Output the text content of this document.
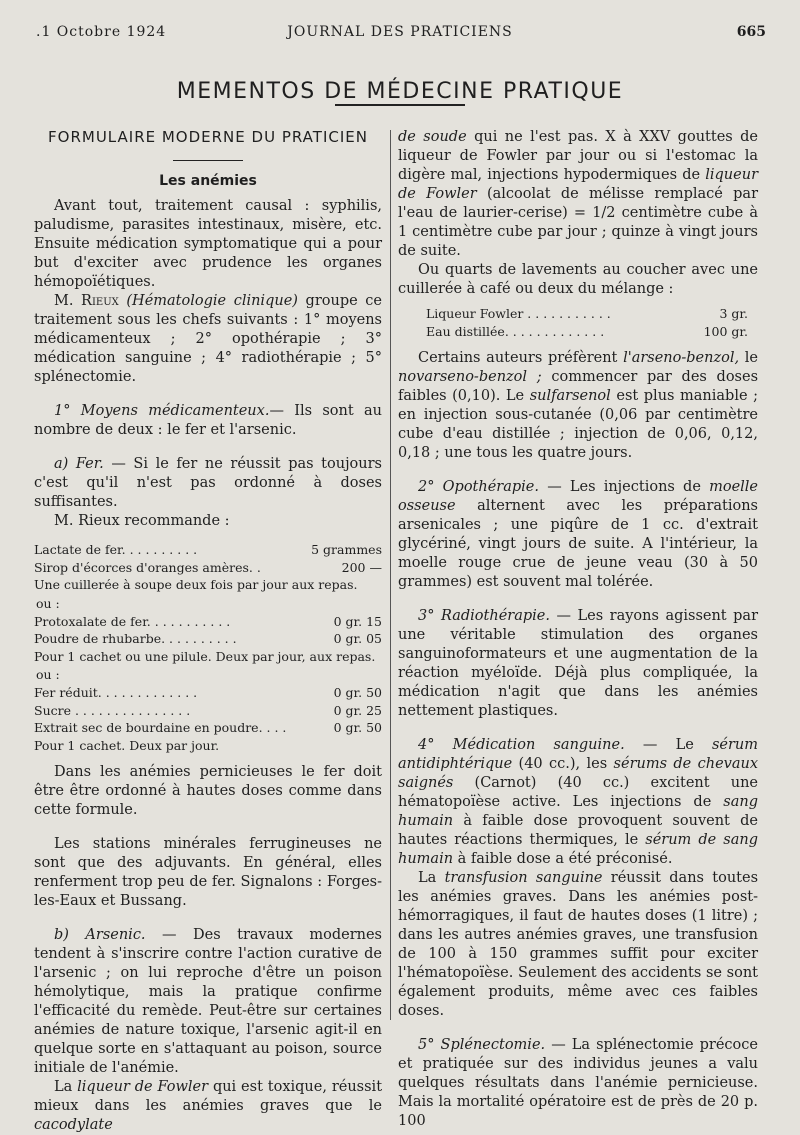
.1 Octobre 1924	JOURNAL DES PRATICIENS	665
MEMENTOS DE MÉDECINE PRATIQUE
FORMULAIRE MODERNE DU PRATICIEN
Les anémies

Avant tout, traitement causal : syphilis, paludisme, parasites intestinaux, misère, etc. Ensuite médication symptomatique qui a pour but d'exciter avec prudence les organes hémopoïétiques.

M. Rieux (Hématologie clinique) groupe ce traitement sous les chefs suivants : 1° moyens médicamenteux ; 2° opothérapie ; 3° médication sanguine ; 4° radiothérapie ; 5° splénectomie.

1° Moyens médicamenteux.— Ils sont au nombre de deux : le fer et l'arsenic.

a) Fer. — Si le fer ne réussit pas toujours c'est qu'il n'est pas ordonné à doses suffisantes.

M. Rieux recommande :

Lactate de fer. . . . . . . . . .	5 grammes
Sirop d'écorces d'oranges amères. .	200 —
Une cuillerée à soupe deux fois par jour aux repas.
ou :
Protoxalate de fer. . . . . . . . . . .	0 gr. 15
Poudre de rhubarbe. . . . . . . . . .	0 gr. 05
Pour 1 cachet ou une pilule. Deux par jour, aux repas.
ou :
Fer réduit. . . . . . . . . . . . .	0 gr. 50
Sucre . . . . . . . . . . . . . . .	0 gr. 25
Extrait sec de bourdaine en poudre. . . .	0 gr. 50
Pour 1 cachet. Deux par jour.

Dans les anémies pernicieuses le fer doit être être ordonné à hautes doses comme dans cette formule.

Les stations minérales ferrugineuses ne sont que des adjuvants. En général, elles renferment trop peu de fer. Signalons : Forges-les-Eaux et Bussang.

b) Arsenic. — Des travaux modernes tendent à s'inscrire contre l'action curative de l'arsenic ; on lui reproche d'être un poison hémolytique, mais la pratique confirme l'efficacité du remède. Peut-être sur certaines anémies de nature toxique, l'arsenic agit-il en quelque sorte en s'attaquant au poison, source initiale de l'anémie.

La liqueur de Fowler qui est toxique, réussit mieux dans les anémies graves que le cacodylate

de soude qui ne l'est pas. X à XXV gouttes de liqueur de Fowler par jour ou si l'estomac la digère mal, injections hypodermiques de liqueur de Fowler (alcoolat de mélisse remplacé par l'eau de laurier-cerise) = 1/2 centimètre cube à 1 centimètre cube par jour ; quinze à vingt jours de suite.

Ou quarts de lavements au coucher avec une cuillerée à café ou deux du mélange :

Liqueur Fowler . . . . . . . . . . .	3 gr.
Eau distillée. . . . . . . . . . . . .	100 gr.

Certains auteurs préfèrent l'arseno-benzol, le novarseno-benzol ; commencer par des doses faibles (0,10). Le sulfarsenol est plus maniable ; en injection sous-cutanée (0,06 par centimètre cube d'eau distillée ; injection de 0,06, 0,12, 0,18 ; une tous les quatre jours.

2° Opothérapie. — Les injections de moelle osseuse alternent avec les préparations arsenicales ; une piqûre de 1 cc. d'extrait glycériné, vingt jours de suite. A l'intérieur, la moelle rouge crue de jeune veau (30 à 50 grammes) est souvent mal tolérée.

3° Radiothérapie. — Les rayons agissent par une véritable stimulation des organes sanguinoformateurs et une augmentation de la réaction myéloïde. Déjà plus compliquée, la médication n'agit que dans les anémies nettement plastiques.

4° Médication sanguine. — Le sérum antidiphtérique (40 cc.), les sérums de chevaux saignés (Carnot) (40 cc.) excitent une hématopoïèse active. Les injections de sang humain à faible dose provoquent souvent de hautes réactions thermiques, le sérum de sang humain à faible dose a été préconisé.

La transfusion sanguine réussit dans toutes les anémies graves. Dans les anémies post-hémorragiques, il faut de hautes doses (1 litre) ; dans les autres anémies graves, une transfusion de 100 à 150 grammes suffit pour exciter l'hématopoïèse. Seulement des accidents se sont également produits, même avec ces faibles doses.

5° Splénectomie. — La splénectomie précoce et pratiquée sur des individus jeunes a valu quelques résultats dans l'anémie pernicieuse. Mais la mortalité opératoire est de près de 20 p. 100
